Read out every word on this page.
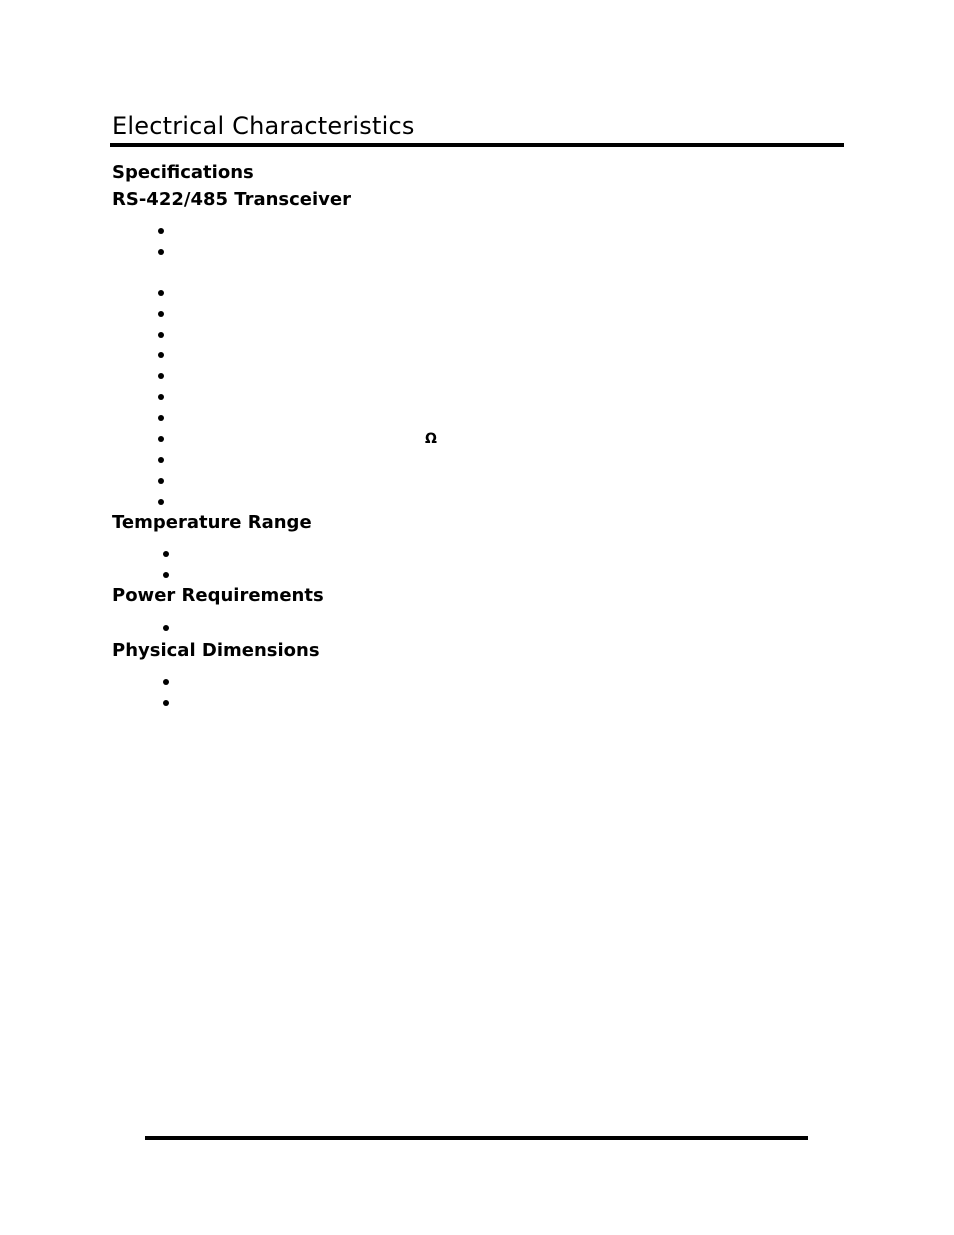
Electrical Characteristics
Specifications
RS-422/485 Transceiver
Ω
Temperature Range
Power Requirements
Physical Dimensions
